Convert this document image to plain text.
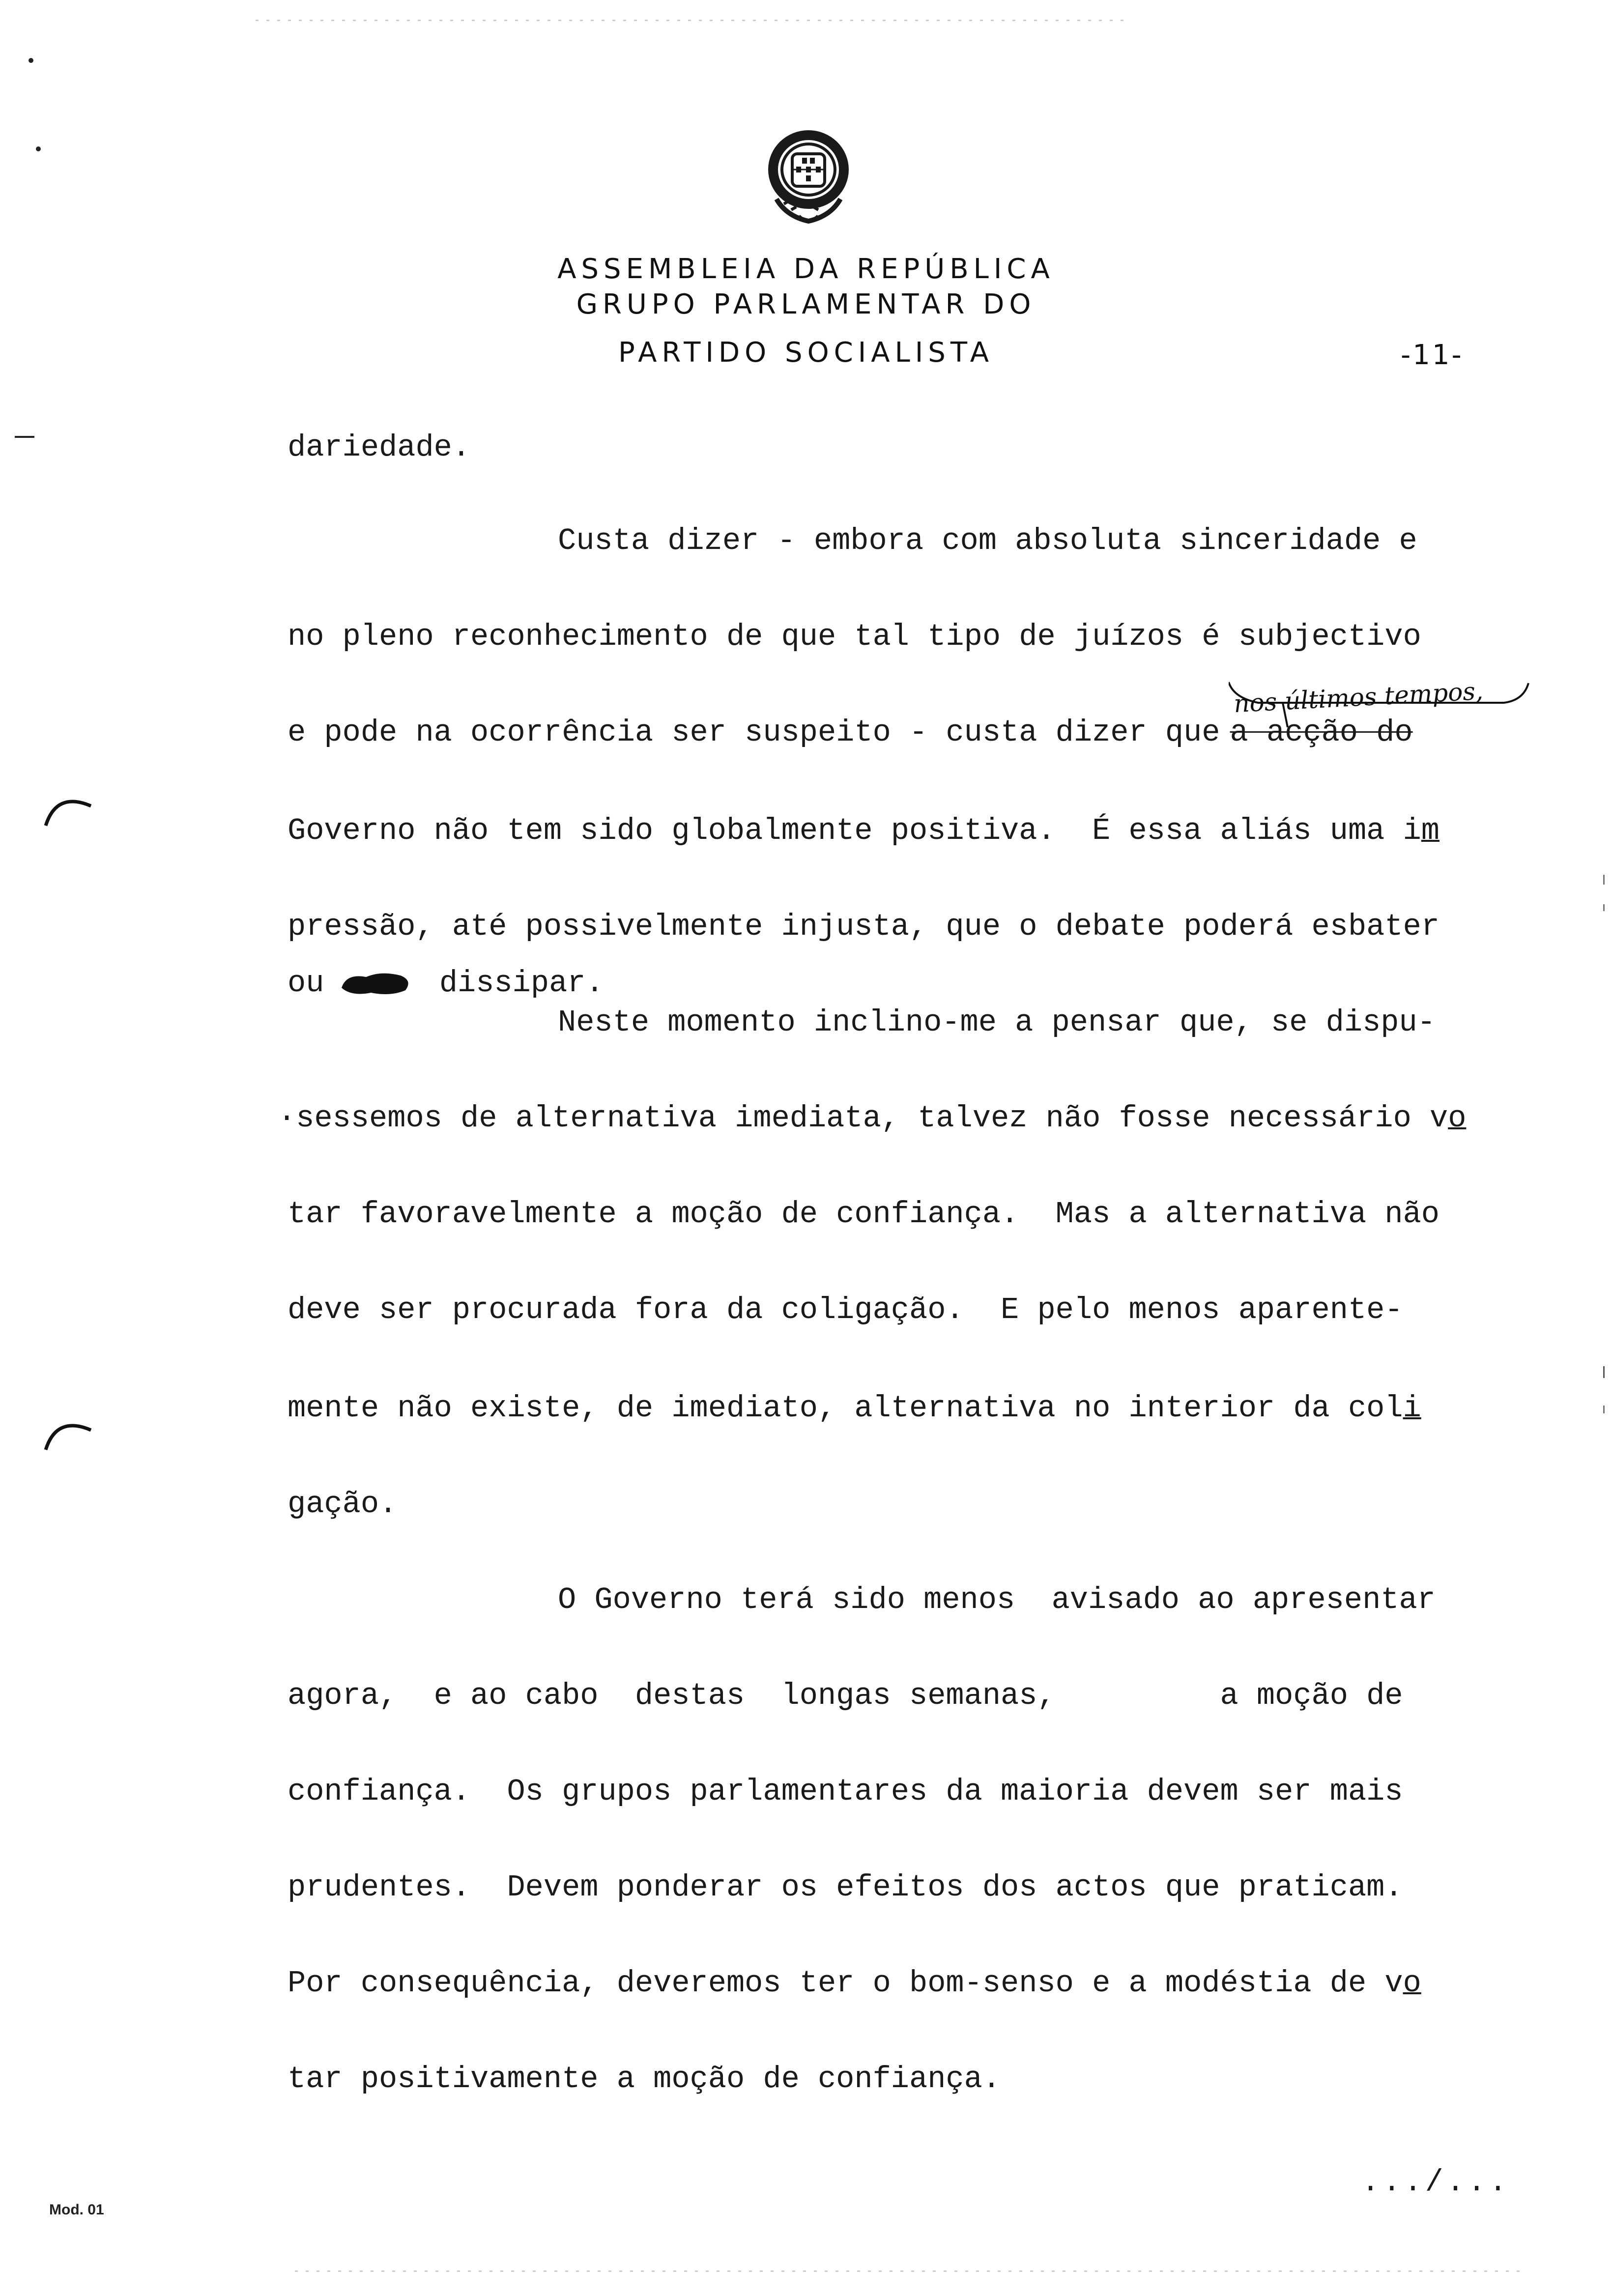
ASSEMBLEIA DA REPÚBLICA
GRUPO PARLAMENTAR DO
PARTIDO SOCIALISTA	-11-
dariedade.
Custa dizer - embora com absoluta sinceridade e
no pleno reconhecimento de que tal tipo de juízos é subjectivo
nos últimos tempos,
e pode na ocorrência ser suspeito - custa dizer que a acção do
Governo não tem sido globalmente positiva.  É essa aliás uma im
pressão, até possivelmente injusta, que o debate poderá esbater
ou	dissipar.
Neste momento inclino-me a pensar que, se dispu-
·sessemos de alternativa imediata, talvez não fosse necessário vo
tar favoravelmente a moção de confiança.  Mas a alternativa não
deve ser procurada fora da coligação.  E pelo menos aparente-
mente não existe, de imediato, alternativa no interior da coli
gação.
O Governo terá sido menos  avisado ao apresentar
agora,  e ao cabo  destas  longas semanas,         a moção de
confiança.  Os grupos parlamentares da maioria devem ser mais
prudentes.  Devem ponderar os efeitos dos actos que praticam.
Por consequência, deveremos ter o bom-senso e a modéstia de vo
tar positivamente a moção de confiança.
.../...
Mod. 01
